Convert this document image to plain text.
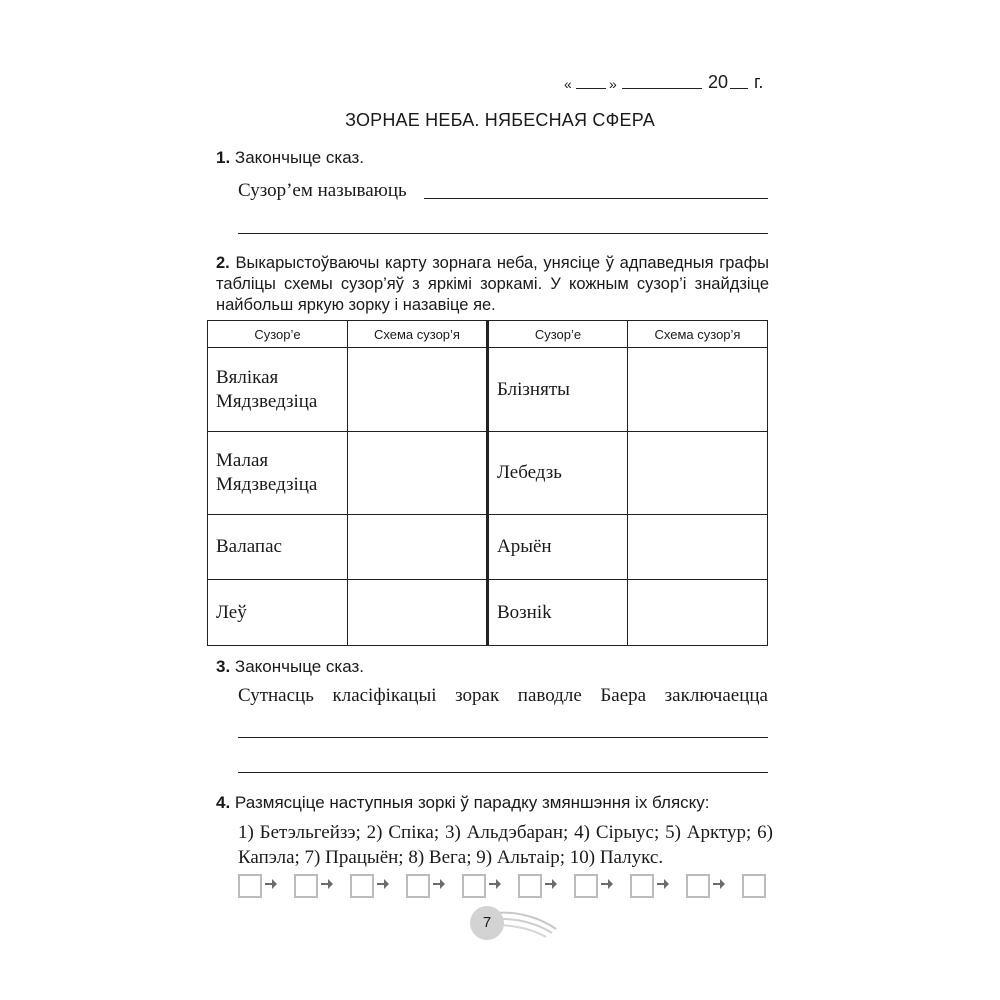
«	»	20 г.
ЗОРНАЕ НЕБА. НЯБЕСНАЯ СФЕРА
1. Закончыце сказ.
Сузор’ем называюць
2. Выкарыстоўваючы карту зорнага неба, унясіце ў адпаведныя графы табліцы схемы сузор’яў з яркімі зоркамі. У кожным сузор’і знайдзіце найбольш яркую зорку і назавіце яе.
Сузор’е	Схема сузор’я	Сузор’е	Схема сузор’я
Вялікая Мядзведзіца		Блізняты	
Малая Мядзведзіца		Лебедзь	
Валапас		Арыён	
Леў		Возніk	
3. Закончыце сказ.
Сутнасць класіфікацыі зорак паводле Баера заключаецца
4. Размясціце наступныя зоркі ў парадку змяншэння іх бляску:
1) Бетэльгейзэ; 2) Спіка; 3) Альдэбаран; 4) Сірыус; 5) Арктур; 6) Капэла; 7) Працыён; 8) Вега; 9) Альтаір; 10) Палукс.
7
